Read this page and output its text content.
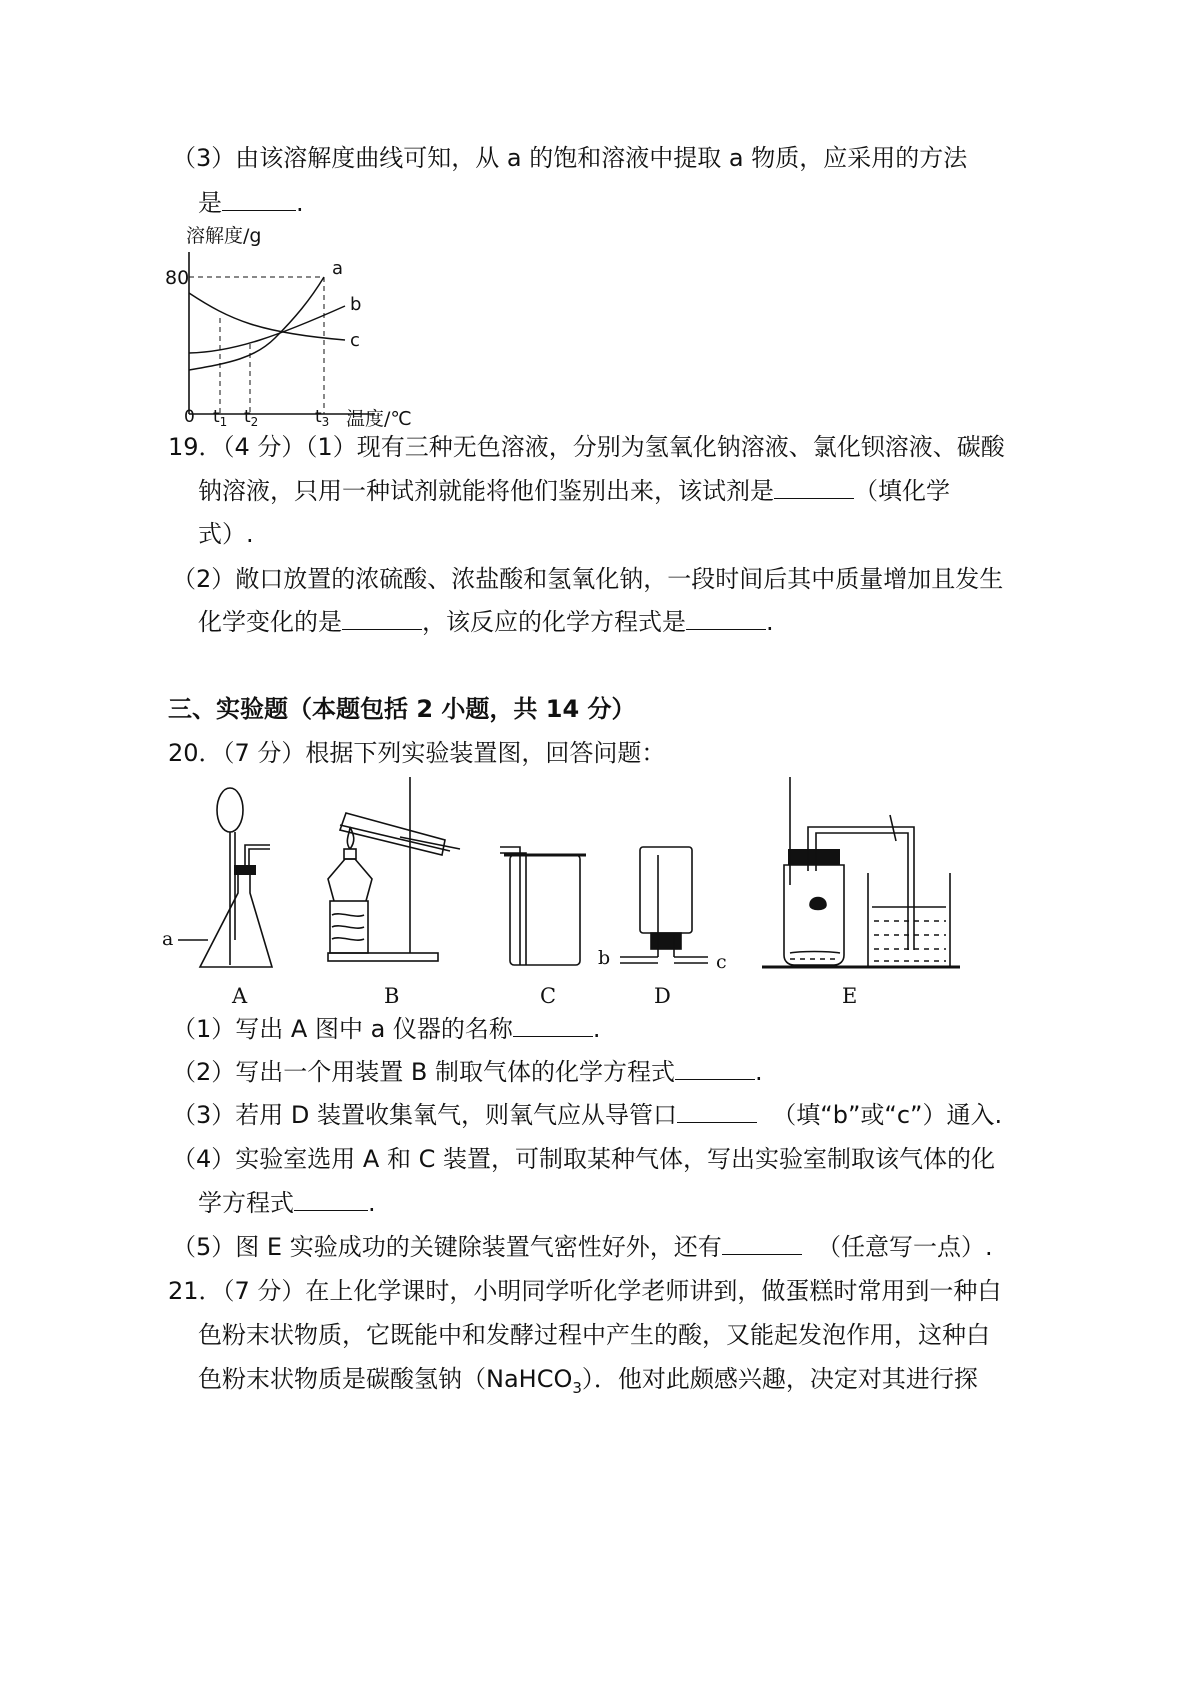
（3）由该溶解度曲线可知，从 a 的饱和溶液中提取 a 物质，应采用的方法
是	.
溶解度/g
a
b
c
80
0 $t_1$ $t_2$	$t_3$ 温度/℃
19．（4 分）（1）现有三种无色溶液，分别为氢氧化钠溶液、氯化钡溶液、碳酸
钠溶液，只用一种试剂就能将他们鉴别出来，该试剂是	（填化学
式）.
（2）敞口放置的浓硫酸、浓盐酸和氢氧化钠，一段时间后其中质量增加且发生
化学变化的是	，该反应的化学方程式是	.
三、实验题（本题包括 2 小题，共 14 分）
20．（7 分）根据下列实验装置图，回答问题：
a
b	c
A	B	C	D	E
（1）写出 A 图中 a 仪器的名称	.
（2）写出一个用装置 B 制取气体的化学方程式	.
（3）若用 D 装置收集氧气，则氧气应从导管口	（填“b”或“c”）通入.
（4）实验室选用 A 和 C 装置，可制取某种气体，写出实验室制取该气体的化
学方程式	.
（5）图 E 实验成功的关键除装置气密性好外，还有	（任意写一点）.
21．（7 分）在上化学课时，小明同学听化学老师讲到，做蛋糕时常用到一种白
色粉末状物质，它既能中和发酵过程中产生的酸，又能起发泡作用，这种白
色粉末状物质是碳酸氢钠（NaHCO$_3$）．他对此颇感兴趣，决定对其进行探
